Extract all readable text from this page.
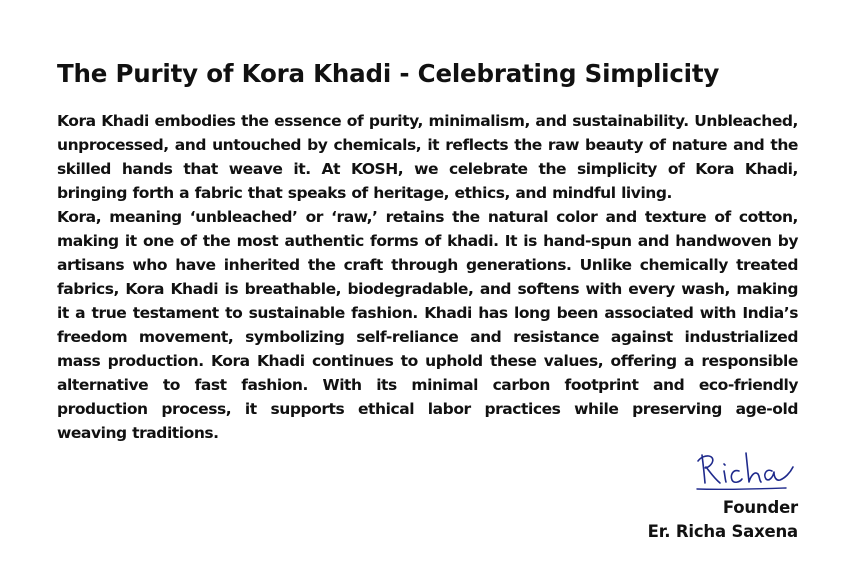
The Purity of Kora Khadi - Celebrating Simplicity

Kora Khadi embodies the essence of purity, minimalism, and sustainability. Unbleached, unprocessed, and untouched by chemicals, it reflects the raw beauty of nature and the skilled hands that weave it. At KOSH, we celebrate the simplicity of Kora Khadi, bringing forth a fabric that speaks of heritage, ethics, and mindful living.

Kora, meaning ‘unbleached’ or ‘raw,’ retains the natural color and texture of cotton, making it one of the most authentic forms of khadi. It is hand-spun and handwoven by artisans who have inherited the craft through generations. Unlike chemically treated fabrics, Kora Khadi is breathable, biodegradable, and softens with every wash, making it a true testament to sustainable fashion. Khadi has long been associated with India’s freedom movement, symbolizing self-reliance and resistance against industrialized mass production. Kora Khadi continues to uphold these values, offering a responsible alternative to fast fashion. With its minimal carbon footprint and eco-friendly production process, it supports ethical labor practices while preserving age-old weaving traditions.

Founder
Er. Richa Saxena
